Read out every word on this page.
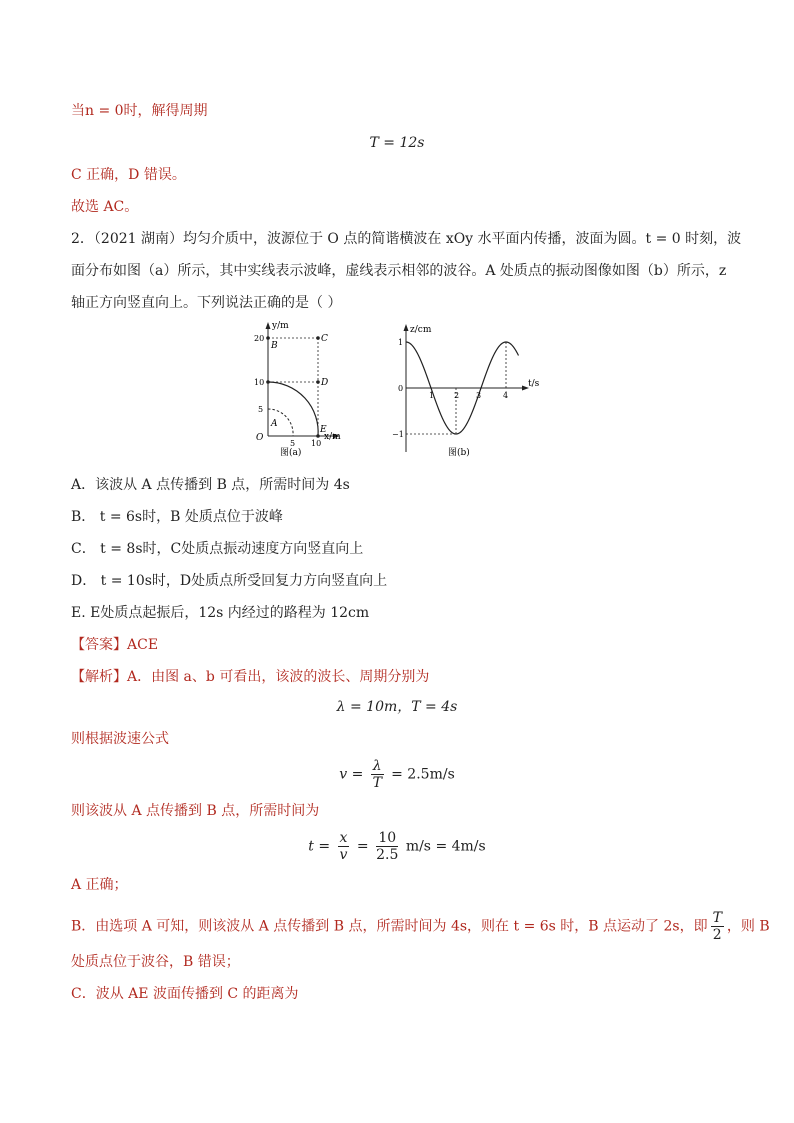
当n = 0时，解得周期
T = 12s
C 正确，D 错误。
故选 AC。
2．（2021 湖南）均匀介质中，波源位于 O 点的简谐横波在 xOy 水平面内传播，波面为圆。t = 0 时刻，波
面分布如图（a）所示，其中实线表示波峰，虚线表示相邻的波谷。A 处质点的振动图像如图（b）所示，z
轴正方向竖直向上。下列说法正确的是（ ）
y/m
x/m
O
5
10
20
5 10
A
B
C
D
E
图(a)
z/cm
t/s
1
0
−1
1 2 3	4
图(b)
A．该波从 A 点传播到 B 点，所需时间为 4s
B． t = 6s时，B 处质点位于波峰
C． t = 8s时，C处质点振动速度方向竖直向上
D． t = 10s时，D处质点所受回复力方向竖直向上
E. E处质点起振后，12s 内经过的路程为 12cm
【答案】ACE
【解析】A．由图 a、b 可看出，该波的波长、周期分别为
λ = 10m，T = 4s
则根据波速公式
$v = \frac{\lambda}{T} = 2.5m/s$
则该波从 A 点传播到 B 点，所需时间为
$t = \frac{x}{v} = \frac{10}{2.5} m/s = 4m/s$
A 正确；
B．由选项 A 可知，则该波从 A 点传播到 B 点，所需时间为 4s，则在 t = 6s 时，B 点运动了 2s，即 $\frac{T}{2}$ ，则 B
处质点位于波谷，B 错误；
C．波从 AE 波面传播到 C 的距离为
